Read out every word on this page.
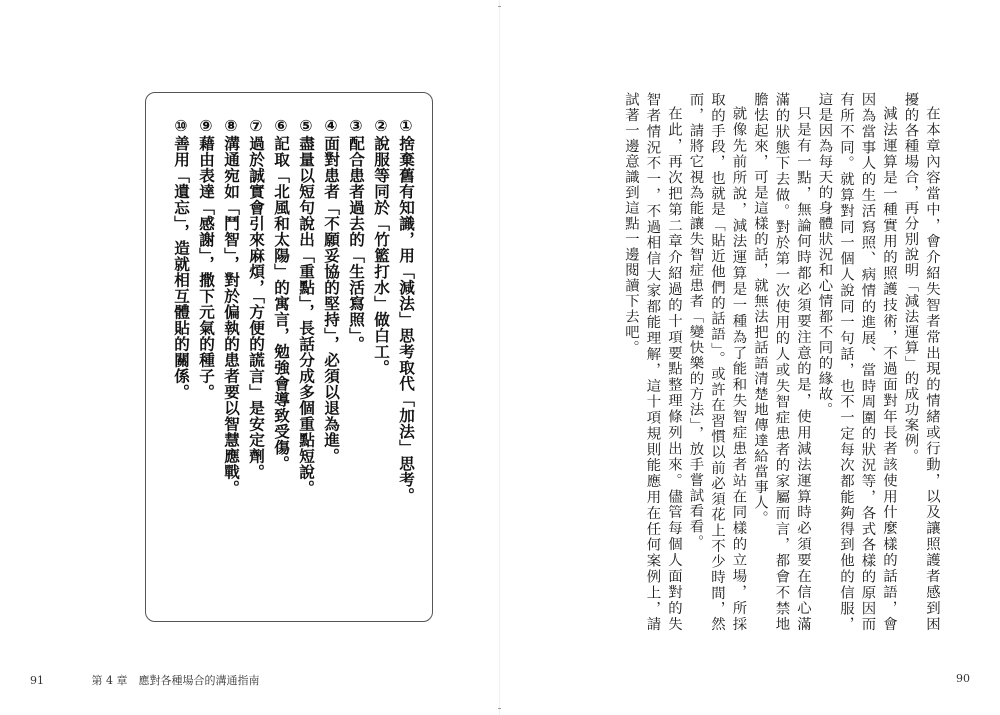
①捨棄舊有知識，用「減法」思考取代「加法」思考。
②說服等同於「竹籃打水」做白工。
③配合患者過去的「生活寫照」。
④面對患者「不願妥協的堅持」，必須以退為進。
⑤盡量以短句說出「重點」，長話分成多個重點短說。
⑥記取「北風和太陽」的寓言，勉強會導致受傷。
⑦過於誠實會引來麻煩，「方便的謊言」是安定劑。
⑧溝通宛如「鬥智」，對於偏執的患者要以智慧應戰。
⑨藉由表達「感謝」，撒下元氣的種子。
⑩善用「遺忘」，造就相互體貼的關係。	在本章內容當中，會介紹失智者常出現的情緒或行動，以及讓照護者感到困擾的各種場合，再分別說明「減法運算」的成功案例。

減法運算是一種實用的照護技術，不過面對年長者該使用什麼樣的話語，會因為當事人的生活寫照、病情的進展、當時周圍的狀況等，各式各樣的原因而有所不同。就算對同一個人說同一句話，也不一定每次都能夠得到他的信服，這是因為每天的身體狀況和心情都不同的緣故。

只是有一點，無論何時都必須要注意的是，使用減法運算時必須要在信心滿滿的狀態下去做。對於第一次使用的人或失智症患者的家屬而言，都會不禁地膽怯起來，可是這樣的話，就無法把話語清楚地傳達給當事人。

就像先前所說，減法運算是一種為了能和失智症患者站在同樣的立場，所採取的手段，也就是「貼近他們的話語」。或許在習慣以前必須花上不少時間，然而，請將它視為能讓失智症患者「變快樂的方法」，放手嘗試看看。

在此，再次把第二章介紹過的十項要點整理條列出來。儘管每個人面對的失智者情況不一，不過相信大家都能理解，這十項規則能應用在任何案例上，請試著一邊意識到這點一邊閱讀下去吧。

91	第 4 章　應對各種場合的溝通指南	90
